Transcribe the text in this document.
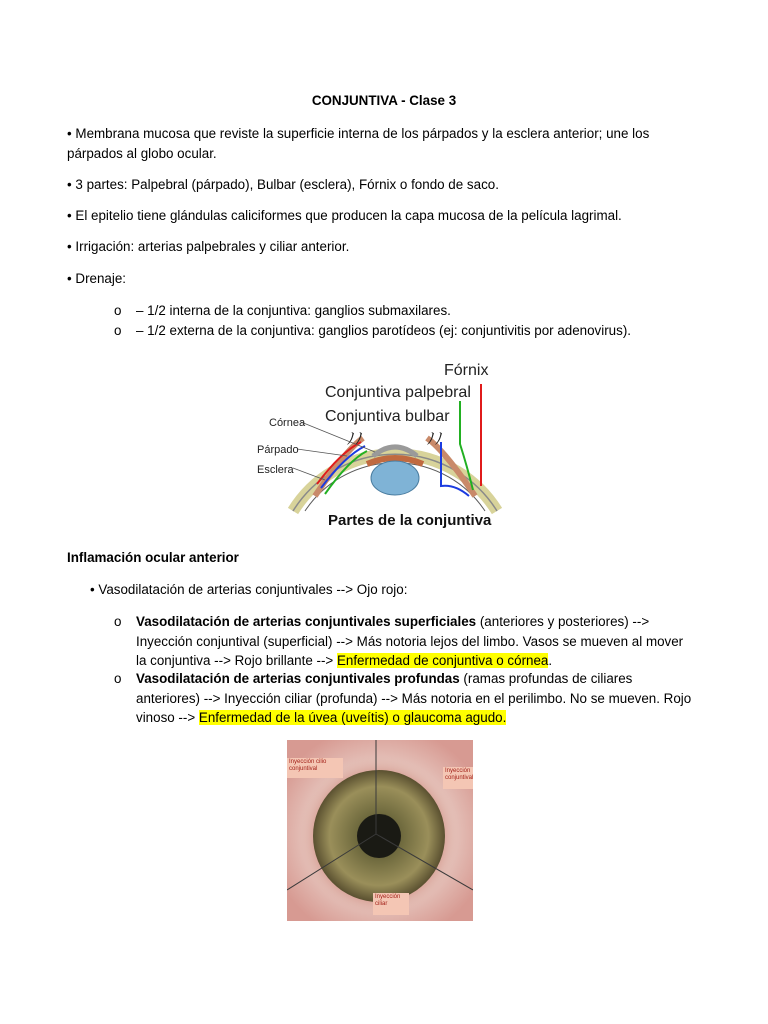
CONJUNTIVA - Clase 3
• Membrana mucosa que reviste la superficie interna de los párpados y la esclera anterior; une los párpados al globo ocular.
• 3 partes: Palpebral (párpado), Bulbar (esclera), Fórnix o fondo de saco.
• El epitelio tiene glándulas caliciformes que producen la capa mucosa de la película lagrimal.
• Irrigación: arterias palpebrales y ciliar anterior.
• Drenaje:
o – 1/2 interna de la conjuntiva: ganglios submaxilares.
o – 1/2 externa de la conjuntiva: ganglios parotídeos (ej: conjuntivitis por adenovirus).
ﾉﾉ	ﾉﾉ
Fórnix
Conjuntiva palpebral
Conjuntiva bulbar
Córnea
Párpado
Esclera
Partes de la conjuntiva
Inflamación ocular anterior
• Vasodilatación de arterias conjuntivales --> Ojo rojo:
o Vasodilatación de arterias conjuntivales superficiales (anteriores y posteriores) --> Inyección conjuntival (superficial) --> Más notoria lejos del limbo. Vasos se mueven al mover la conjuntiva --> Rojo brillante --> Enfermedad de conjuntiva o córnea.
o Vasodilatación de arterias conjuntivales profundas (ramas profundas de ciliares anteriores) --> Inyección ciliar (profunda) --> Más notoria en el perilimbo. No se mueven. Rojo vinoso --> Enfermedad de la úvea (uveítis) o glaucoma agudo.
Inyección cilio conjuntival	Inyección conjuntival
Inyección ciliar
